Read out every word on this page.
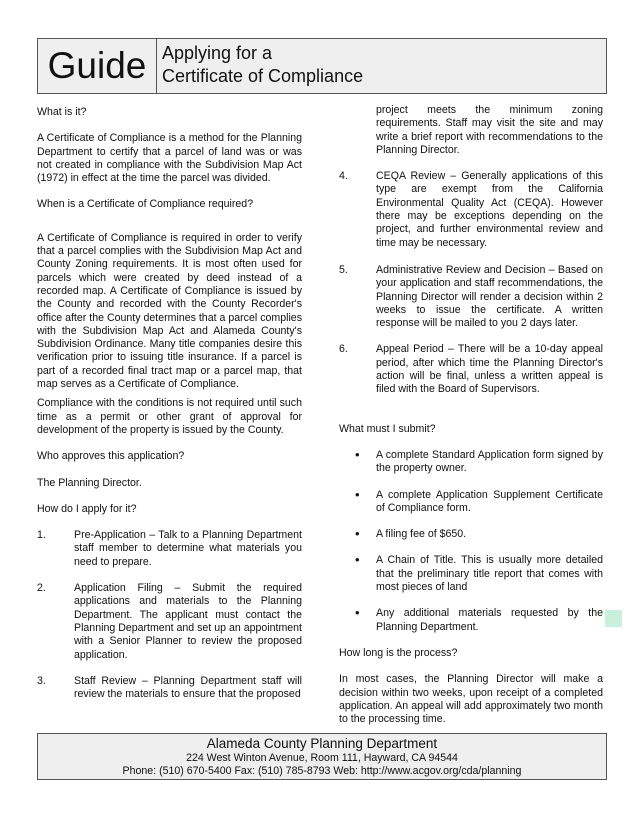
Guide Applying for a
Certificate of Compliance

What is it?

A Certificate of Compliance is a method for the Planning Department to certify that a parcel of land was or was not created in compliance with the Subdivision Map Act (1972) in effect at the time the parcel was divided.

When is a Certificate of Compliance required?

A Certificate of Compliance is required in order to verify that a parcel complies with the Subdivision Map Act and County Zoning requirements. It is most often used for parcels which were created by deed instead of a recorded map. A Certificate of Compliance is issued by the County and recorded with the County Recorder's office after the County determines that a parcel complies with the Subdivision Map Act and Alameda County's Subdivision Ordinance. Many title companies desire this verification prior to issuing title insurance. If a parcel is part of a recorded final tract map or a parcel map, that map serves as a Certificate of Compliance.

Compliance with the conditions is not required until such time as a permit or other grant of approval for development of the property is issued by the County.

Who approves this application?

The Planning Director.

How do I apply for it?

1.	Pre-Application – Talk to a Planning Department staff member to determine what materials you need to prepare.
2.	Application Filing – Submit the required applications and materials to the Planning Department. The applicant must contact the Planning Department and set up an appointment with a Senior Planner to review the proposed application.
3.	Staff Review – Planning Department staff will review the materials to ensure that the proposed
project meets the minimum zoning requirements. Staff may visit the site and may write a brief report with recommendations to the Planning Director.
4.	CEQA Review – Generally applications of this type are exempt from the California Environmental Quality Act (CEQA). However there may be exceptions depending on the project, and further environmental review and time may be necessary.
5.	Administrative Review and Decision – Based on your application and staff recommendations, the Planning Director will render a decision within 2 weeks to issue the certificate. A written response will be mailed to you 2 days later.
6.	Appeal Period – There will be a 10-day appeal period, after which time the Planning Director's action will be final, unless a written appeal is filed with the Board of Supervisors.

What must I submit?

• A complete Standard Application form signed by the property owner.
• A complete Application Supplement Certificate of Compliance form.
• A filing fee of $650.
• A Chain of Title. This is usually more detailed that the preliminary title report that comes with most pieces of land
• Any additional materials requested by the Planning Department.

How long is the process?

In most cases, the Planning Director will make a decision within two weeks, upon receipt of a completed application. An appeal will add approximately two month to the processing time.

Alameda County Planning Department
224 West Winton Avenue, Room 111, Hayward, CA 94544
Phone: (510) 670-5400 Fax: (510) 785-8793 Web: http://www.acgov.org/cda/planning
